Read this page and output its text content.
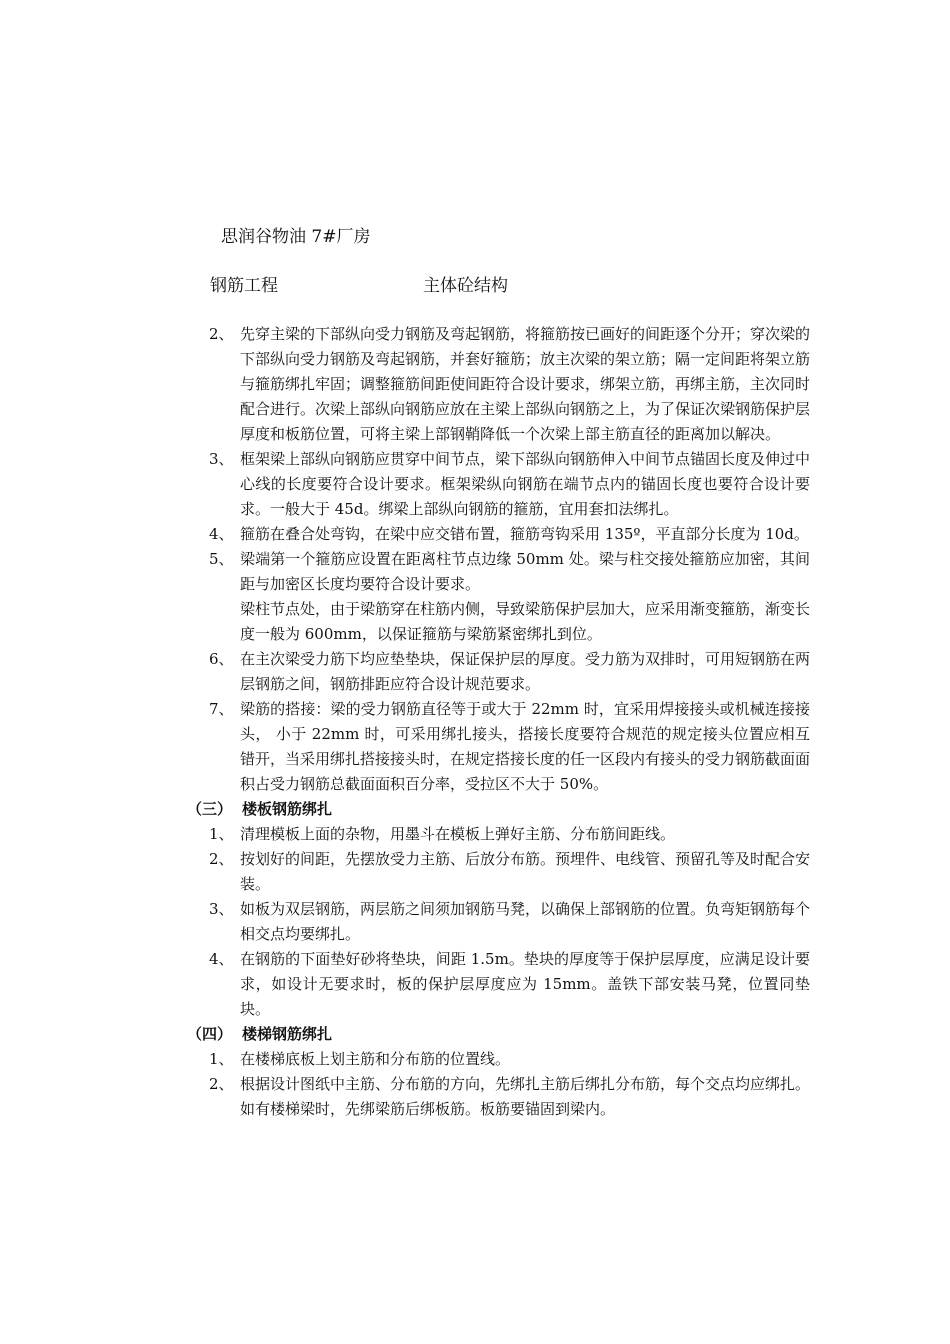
思润谷物油 7#厂房
钢筋工程	主体砼结构
2、 先穿主梁的下部纵向受力钢筋及弯起钢筋，将箍筋按已画好的间距逐个分开；穿次梁的下部纵向受力钢筋及弯起钢筋，并套好箍筋；放主次梁的架立筋；隔一定间距将架立筋与箍筋绑扎牢固；调整箍筋间距使间距符合设计要求，绑架立筋，再绑主筋，主次同时配合进行。次梁上部纵向钢筋应放在主梁上部纵向钢筋之上，为了保证次梁钢筋保护层厚度和板筋位置，可将主梁上部钢鞘降低一个次梁上部主筋直径的距离加以解决。
3、 框架梁上部纵向钢筋应贯穿中间节点，梁下部纵向钢筋伸入中间节点锚固长度及伸过中心线的长度要符合设计要求。框架梁纵向钢筋在端节点内的锚固长度也要符合设计要求。一般大于 45d。绑梁上部纵向钢筋的箍筋，宜用套扣法绑扎。
4、 箍筋在叠合处弯钩，在梁中应交错布置，箍筋弯钩采用 135º，平直部分长度为 10d。
5、 梁端第一个箍筋应设置在距离柱节点边缘 50mm 处。梁与柱交接处箍筋应加密，其间距与加密区长度均要符合设计要求。
梁柱节点处，由于梁筋穿在柱筋内侧，导致梁筋保护层加大，应采用渐变箍筋，渐变长度一般为 600mm，以保证箍筋与梁筋紧密绑扎到位。
6、 在主次梁受力筋下均应垫垫块，保证保护层的厚度。受力筋为双排时，可用短钢筋在两层钢筋之间，钢筋排距应符合设计规范要求。
7、 梁筋的搭接：梁的受力钢筋直径等于或大于 22mm 时，宜采用焊接接头或机械连接接头， 小于 22mm 时，可采用绑扎接头，搭接长度要符合规范的规定接头位置应相互错开，当采用绑扎搭接接头时，在规定搭接长度的任一区段内有接头的受力钢筋截面面积占受力钢筋总截面面积百分率，受拉区不大于 50%。
（三） 楼板钢筋绑扎
1、 清理模板上面的杂物，用墨斗在模板上弹好主筋、分布筋间距线。
2、 按划好的间距，先摆放受力主筋、后放分布筋。预埋件、电线管、预留孔等及时配合安装。
3、 如板为双层钢筋，两层筋之间须加钢筋马凳，以确保上部钢筋的位置。负弯矩钢筋每个相交点均要绑扎。
4、 在钢筋的下面垫好砂将垫块，间距 1.5m。垫块的厚度等于保护层厚度，应满足设计要求，如设计无要求时，板的保护层厚度应为 15mm。盖铁下部安装马凳，位置同垫块。
（四） 楼梯钢筋绑扎
1、 在楼梯底板上划主筋和分布筋的位置线。
2、 根据设计图纸中主筋、分布筋的方向，先绑扎主筋后绑扎分布筋，每个交点均应绑扎。如有楼梯梁时，先绑梁筋后绑板筋。板筋要锚固到梁内。
